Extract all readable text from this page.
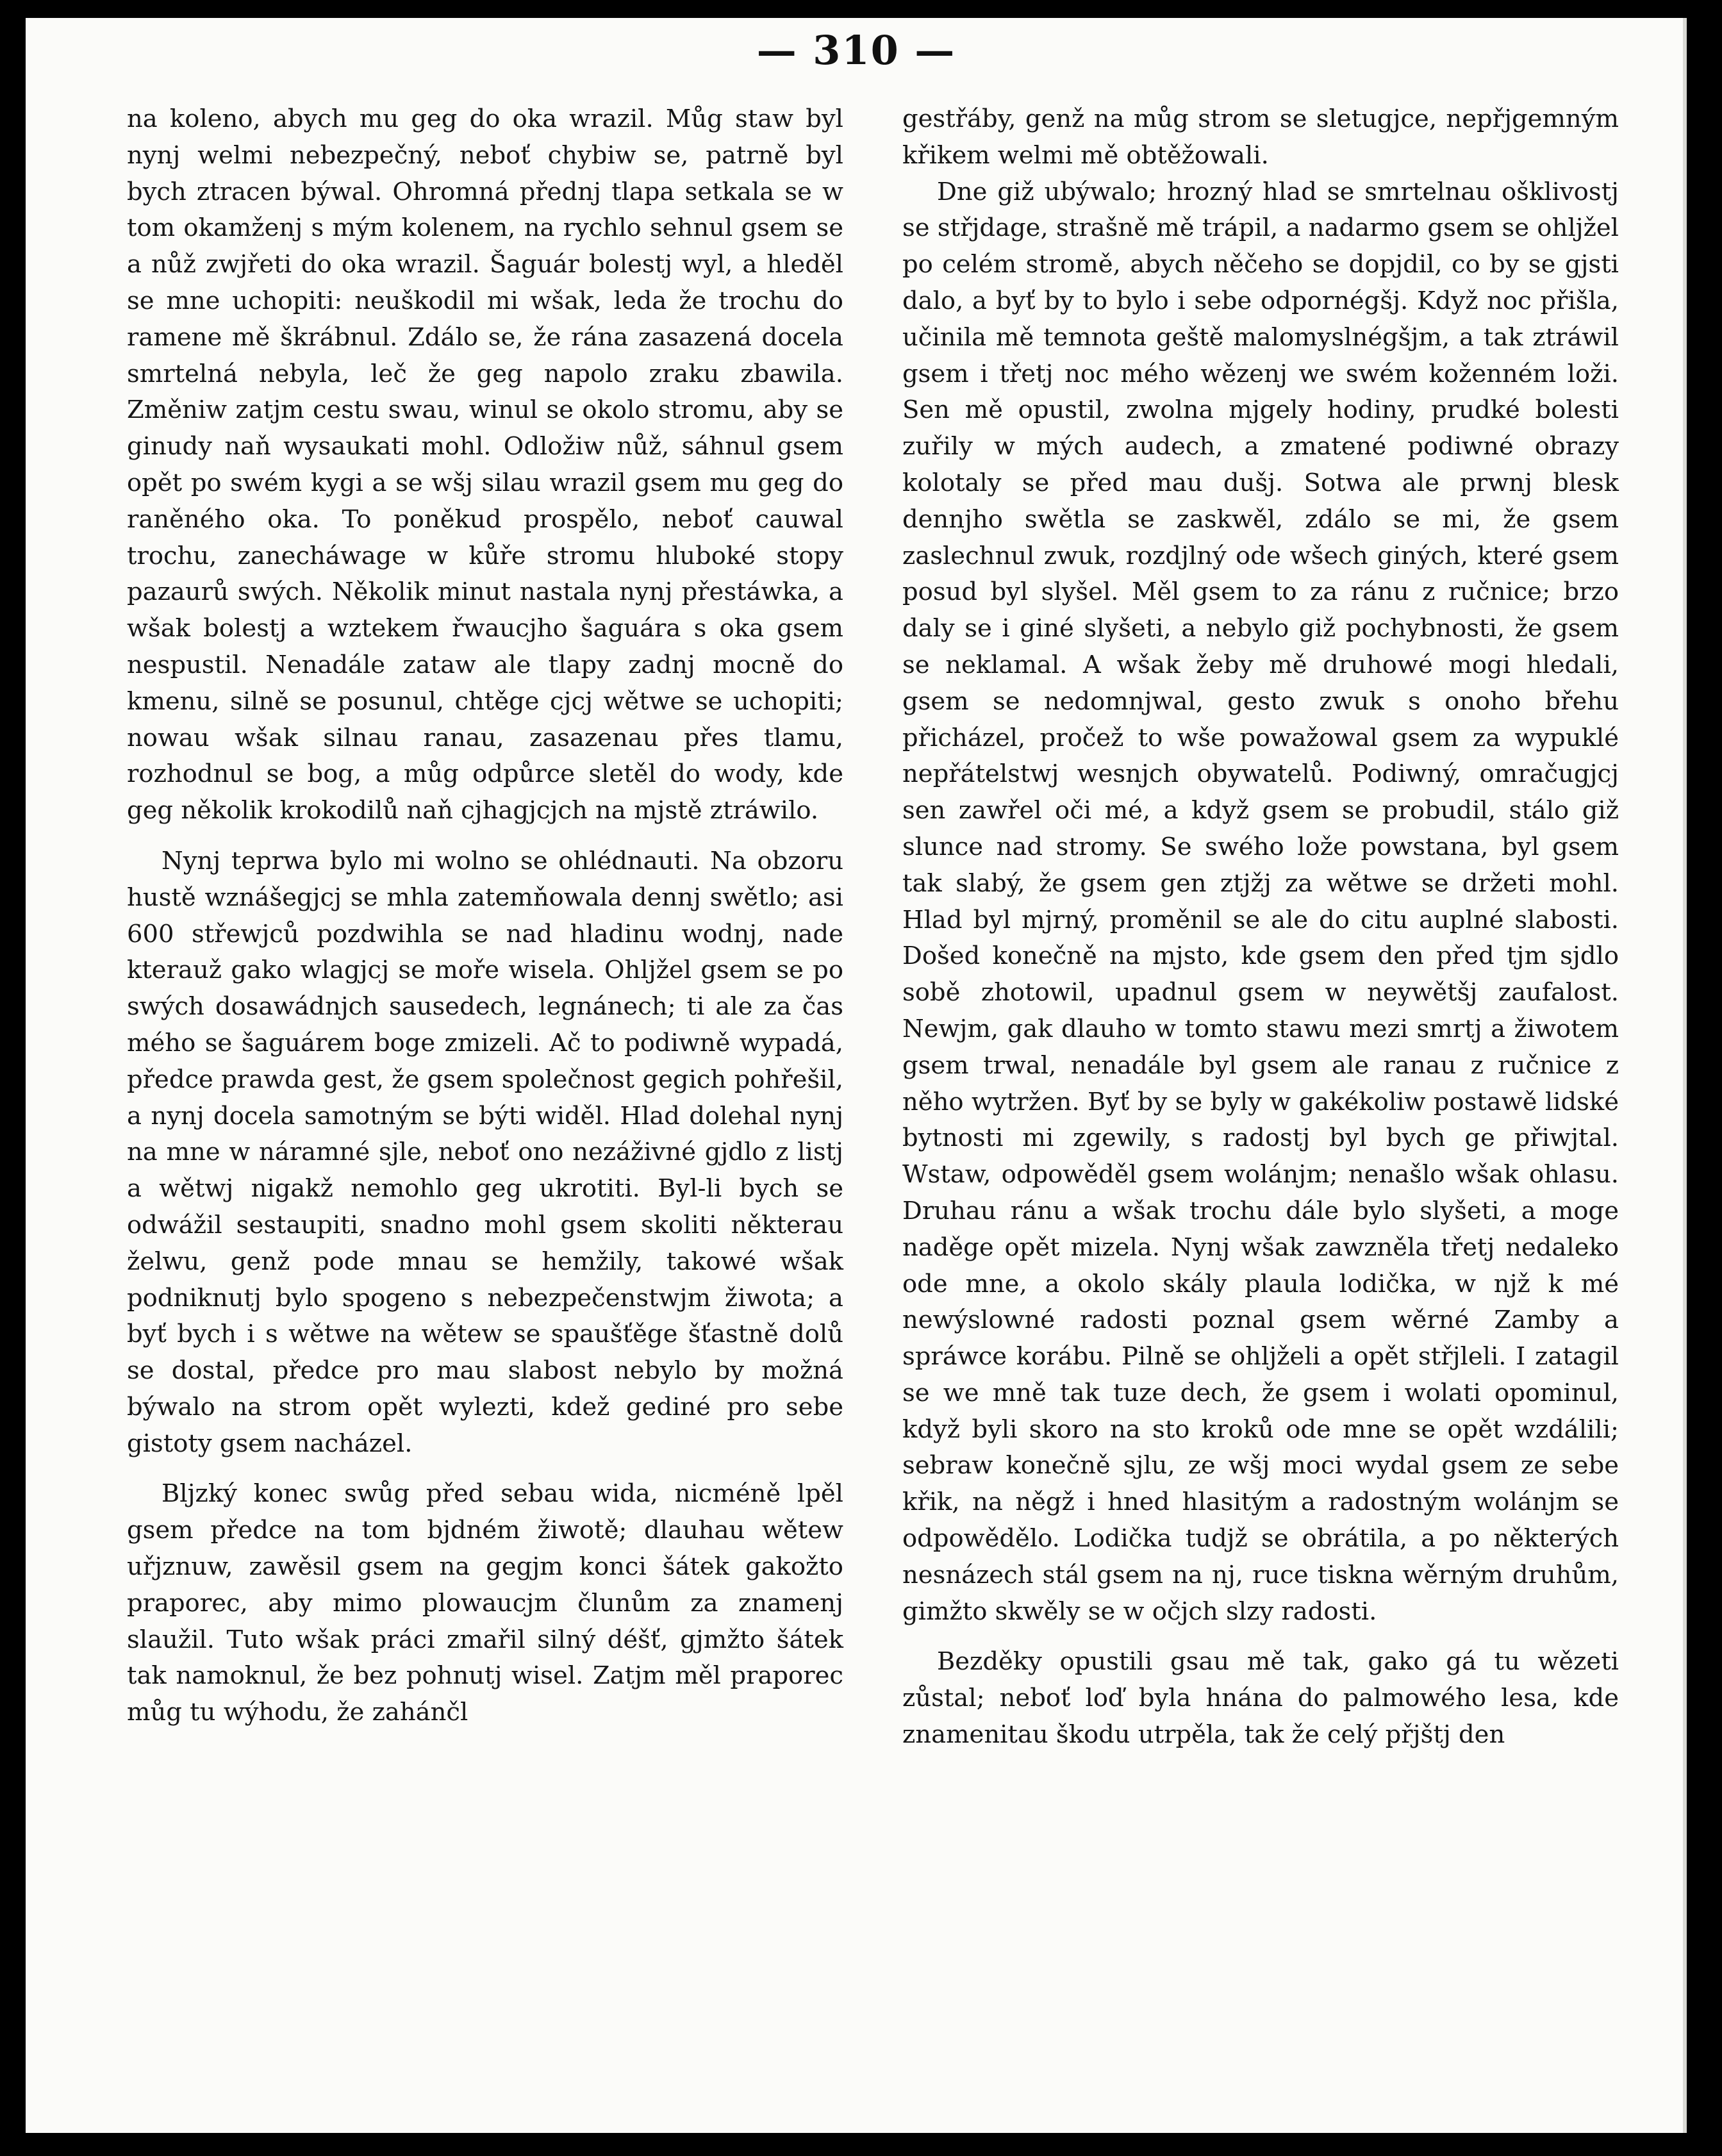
— 310 —

na koleno, abych mu geg do oka wrazil. Můg staw byl nynj welmi nebezpečný, neboť chybiw se, patrně byl bych ztracen býwal. Ohromná přednj tlapa setkala se w tom okamženj s mým kolenem, na rychlo sehnul gsem se a nůž zwjřeti do oka wrazil. Šaguár bolestj wyl, a hleděl se mne uchopiti: neuškodil mi wšak, leda že trochu do ramene mě škrábnul. Zdálo se, že rána zasazená docela smrtelná nebyla, leč že geg napolo zraku zbawila. Změniw zatjm cestu swau, winul se okolo stromu, aby se ginudy naň wysaukati mohl. Odložiw nůž, sáhnul gsem opět po swém kygi a se wšj silau wrazil gsem mu geg do raněného oka. To poněkud prospělo, neboť cauwal trochu, zanecháwage w kůře stromu hluboké stopy pazaurů swých. Několik minut nastala nynj přestáwka, a wšak bolestj a wztekem řwaucjho šaguára s oka gsem nespustil. Nenadále zataw ale tlapy zadnj mocně do kmenu, silně se posunul, chtěge cjcj wětwe se uchopiti; nowau wšak silnau ranau, zasazenau přes tlamu, rozhodnul se bog, a můg odpůrce sletěl do wody, kde geg několik krokodilů naň cjhagjcjch na mjstě ztráwilo.

Nynj teprwa bylo mi wolno se ohlédnauti. Na obzoru hustě wznášegjcj se mhla zatemňowala dennj swětlo; asi 600 střewjců pozdwihla se nad hladinu wodnj, nade kterauž gako wlagjcj se moře wisela. Ohljžel gsem se po swých dosawádnjch sausedech, legnánech; ti ale za čas mého se šaguárem boge zmizeli. Ač to podiwně wypadá, předce prawda gest, že gsem společnost gegich pohřešil, a nynj docela samotným se býti widěl. Hlad dolehal nynj na mne w náramné sjle, neboť ono nezáživné gjdlo z listj a wětwj nigakž nemohlo geg ukrotiti. Byl-li bych se odwážil sestaupiti, snadno mohl gsem skoliti některau želwu, genž pode mnau se hemžily, takowé wšak podniknutj bylo spogeno s nebezpečenstwjm žiwota; a byť bych i s wětwe na wětew se spaušťěge šťastně dolů se dostal, předce pro mau slabost nebylo by možná býwalo na strom opět wylezti, kdež gediné pro sebe gistoty gsem nacházel.

Bljzký konec swůg před sebau wida, nicméně lpěl gsem předce na tom bjdném žiwotě; dlauhau wětew uřjznuw, zawěsil gsem na gegjm konci šátek gakožto praporec, aby mimo plowaucjm člunům za znamenj slaužil. Tuto wšak práci zmařil silný déšť, gjmžto šátek tak namoknul, že bez pohnutj wisel. Zatjm měl praporec můg tu wýhodu, že zahánčl

gestřáby, genž na můg strom se sletugjce, nepřjgemným křikem welmi mě obtěžowali.

Dne giž ubýwalo; hrozný hlad se smrtelnau ošklivostj se střjdage, strašně mě trápil, a nadarmo gsem se ohljžel po celém stromě, abych něčeho se dopjdil, co by se gjsti dalo, a byť by to bylo i sebe odpornégšj. Když noc přišla, učinila mě temnota geště malomyslnégšjm, a tak ztráwil gsem i třetj noc mého wězenj we swém koženném loži. Sen mě opustil, zwolna mjgely hodiny, prudké bolesti zuřily w mých audech, a zmatené podiwné obrazy kolotaly se před mau dušj. Sotwa ale prwnj blesk dennjho swětla se zaskwěl, zdálo se mi, že gsem zaslechnul zwuk, rozdjlný ode wšech giných, které gsem posud byl slyšel. Měl gsem to za ránu z ručnice; brzo daly se i giné slyšeti, a nebylo giž pochybnosti, že gsem se neklamal. A wšak žeby mě druhowé mogi hledali, gsem se nedomnjwal, gesto zwuk s onoho břehu přicházel, pročež to wše powažowal gsem za wypuklé nepřátelstwj wesnjch obywatelů. Podiwný, omračugjcj sen zawřel oči mé, a když gsem se probudil, stálo giž slunce nad stromy. Se swého lože powstana, byl gsem tak slabý, že gsem gen ztjžj za wětwe se držeti mohl. Hlad byl mjrný, proměnil se ale do citu auplné slabosti. Došed konečně na mjsto, kde gsem den před tjm sjdlo sobě zhotowil, upadnul gsem w neywětšj zaufalost. Newjm, gak dlauho w tomto stawu mezi smrtj a žiwotem gsem trwal, nenadále byl gsem ale ranau z ručnice z něho wytržen. Byť by se byly w gakékoliw postawě lidské bytnosti mi zgewily, s radostj byl bych ge přiwjtal. Wstaw, odpowěděl gsem wolánjm; nenašlo wšak ohlasu. Druhau ránu a wšak trochu dále bylo slyšeti, a moge naděge opět mizela. Nynj wšak zawzněla třetj nedaleko ode mne, a okolo skály plaula lodička, w njž k mé newýslowné radosti poznal gsem wěrné Zamby a spráwce korábu. Pilně se ohljželi a opět střjleli. I zatagil se we mně tak tuze dech, že gsem i wolati opominul, když byli skoro na sto kroků ode mne se opět wzdálili; sebraw konečně sjlu, ze wšj moci wydal gsem ze sebe křik, na něgž i hned hlasitým a radostným wolánjm se odpowědělo. Lodička tudjž se obrátila, a po některých nesnázech stál gsem na nj, ruce tiskna wěrným druhům, gimžto skwěly se w očjch slzy radosti.

Bezděky opustili gsau mě tak, gako gá tu wězeti zůstal; neboť loď byla hnána do palmowého lesa, kde znamenitau škodu utrpěla, tak že celý přjštj den
